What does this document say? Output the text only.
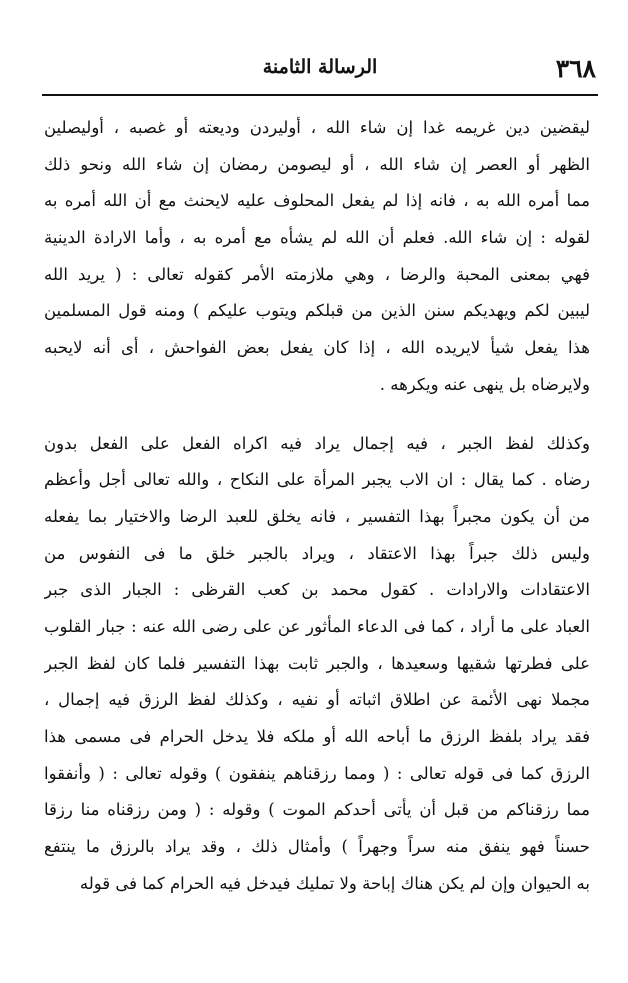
٣٦٨
الرسالة الثامنة
ليقضين دين غريمه غدا إن شاء الله ، أوليردن وديعته أو غصبه ، أوليصلين
الظهر أو العصر إن شاء الله ، أو ليصومن رمضان إن شاء الله ونحو ذلك
مما أمره الله به ، فانه إذا لم يفعل المحلوف عليه لايحنث مع أن الله أمره به
لقوله : إن شاء الله. فعلم أن الله لم يشأه مع أمره به ، وأما الارادة الدينية
فهي بمعنى المحبة والرضا ، وهي ملازمته الأمر كقوله تعالى : ( يريد الله
ليبين لكم ويهديكم سنن الذين من قبلكم ويتوب عليكم ) ومنه قول المسلمين
هذا يفعل شيأ لايريده الله ، إذا كان يفعل بعض الفواحش ، أى أنه لايحبه
ولايرضاه بل ينهى عنه ويكرهه .
وكذلك لفظ الجبر ، فيه إجمال يراد فيه اكراه الفعل على الفعل بدون
رضاه . كما يقال : ان الاب يجبر المرأة على النكاح ، والله تعالى أجل وأعظم
من أن يكون مجبراً بهذا التفسير ، فانه يخلق للعبد الرضا والاختيار بما يفعله
وليس ذلك جبراً بهذا الاعتقاد ، ويراد بالجبر خلق ما فى النفوس من
الاعتقادات والارادات . كقول محمد بن كعب القرظى : الجبار الذى جبر
العباد على ما أراد ، كما فى الدعاء المأثور عن على رضى الله عنه : جبار القلوب
على فطرتها شقيها وسعيدها ، والجبر ثابت بهذا التفسير فلما كان لفظ الجبر
مجملا نهى الأئمة عن اطلاق اثباته أو نفيه ، وكذلك لفظ الرزق فيه إجمال ،
فقد يراد بلفظ الرزق ما أباحه الله أو ملكه فلا يدخل الحرام فى مسمى هذا
الرزق كما فى قوله تعالى : ( ومما رزقناهم ينفقون ) وقوله تعالى : ( وأنفقوا
مما رزقناكم من قبل أن يأتى أحدكم الموت ) وقوله : ( ومن رزقناه منا رزقا
حسناً فهو ينفق منه سراً وجهراً ) وأمثال ذلك ، وقد يراد بالرزق ما ينتفع
به الحيوان وإن لم يكن هناك إباحة ولا تمليك فيدخل فيه الحرام كما فى قوله
